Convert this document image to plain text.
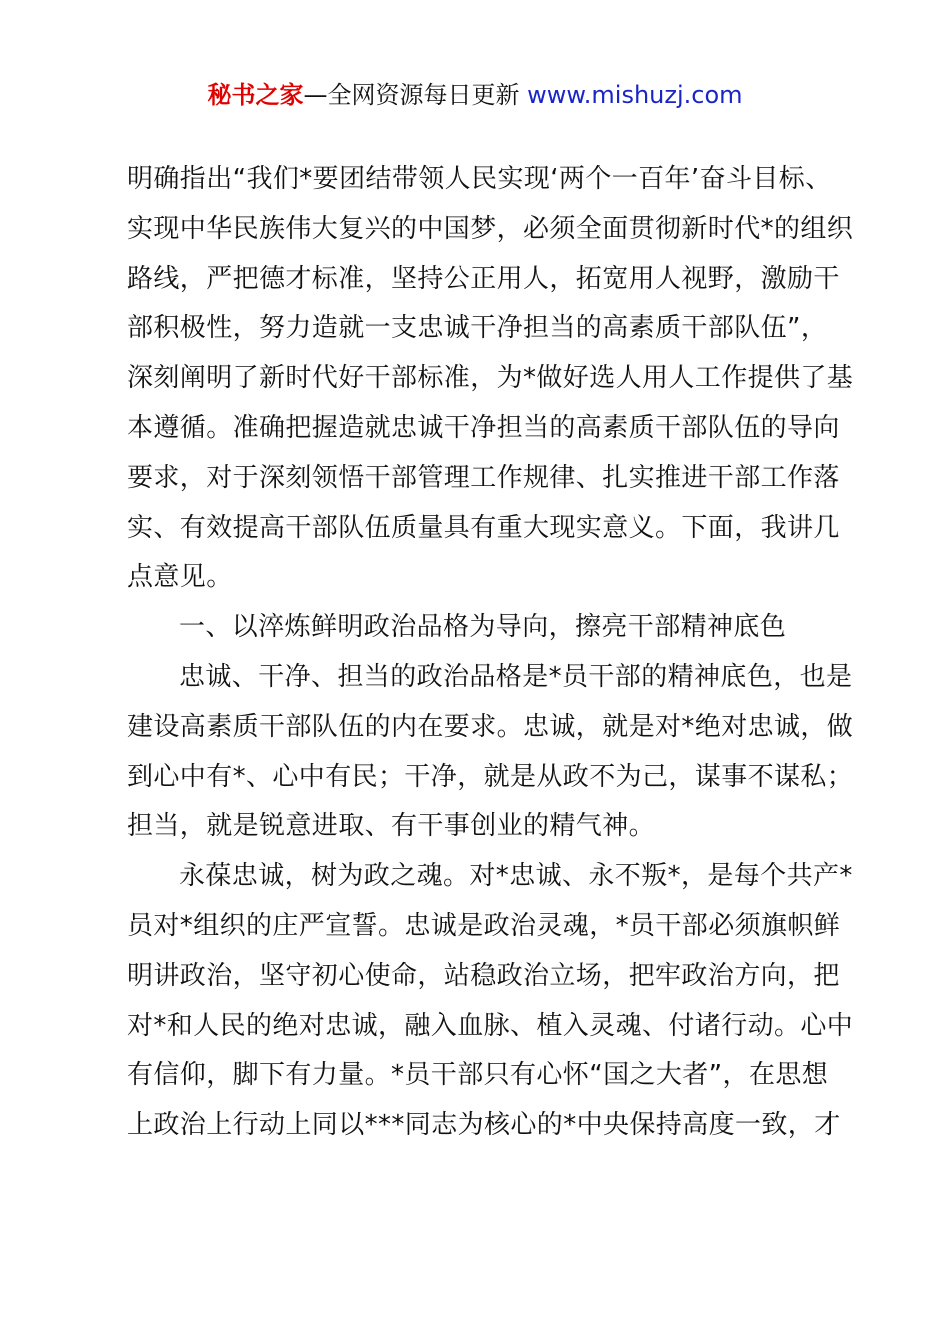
秘书之家—全网资源每日更新 www.mishuzj.com
明确指出“我们*要团结带领人民实现‘两个一百年’奋斗目标、
实现中华民族伟大复兴的中国梦，必须全面贯彻新时代*的组织
路线，严把德才标准，坚持公正用人，拓宽用人视野，激励干
部积极性，努力造就一支忠诚干净担当的高素质干部队伍”，
深刻阐明了新时代好干部标准，为*做好选人用人工作提供了基
本遵循。准确把握造就忠诚干净担当的高素质干部队伍的导向
要求，对于深刻领悟干部管理工作规律、扎实推进干部工作落
实、有效提高干部队伍质量具有重大现实意义。下面，我讲几
点意见。
一、以淬炼鲜明政治品格为导向，擦亮干部精神底色
忠诚、干净、担当的政治品格是*员干部的精神底色，也是
建设高素质干部队伍的内在要求。忠诚，就是对*绝对忠诚，做
到心中有*、心中有民；干净，就是从政不为己，谋事不谋私；
担当，就是锐意进取、有干事创业的精气神。
永葆忠诚，树为政之魂。对*忠诚、永不叛*，是每个共产*
员对*组织的庄严宣誓。忠诚是政治灵魂，*员干部必须旗帜鲜
明讲政治，坚守初心使命，站稳政治立场，把牢政治方向，把
对*和人民的绝对忠诚，融入血脉、植入灵魂、付诸行动。心中
有信仰，脚下有力量。*员干部只有心怀“国之大者”，在思想
上政治上行动上同以***同志为核心的*中央保持高度一致，才
